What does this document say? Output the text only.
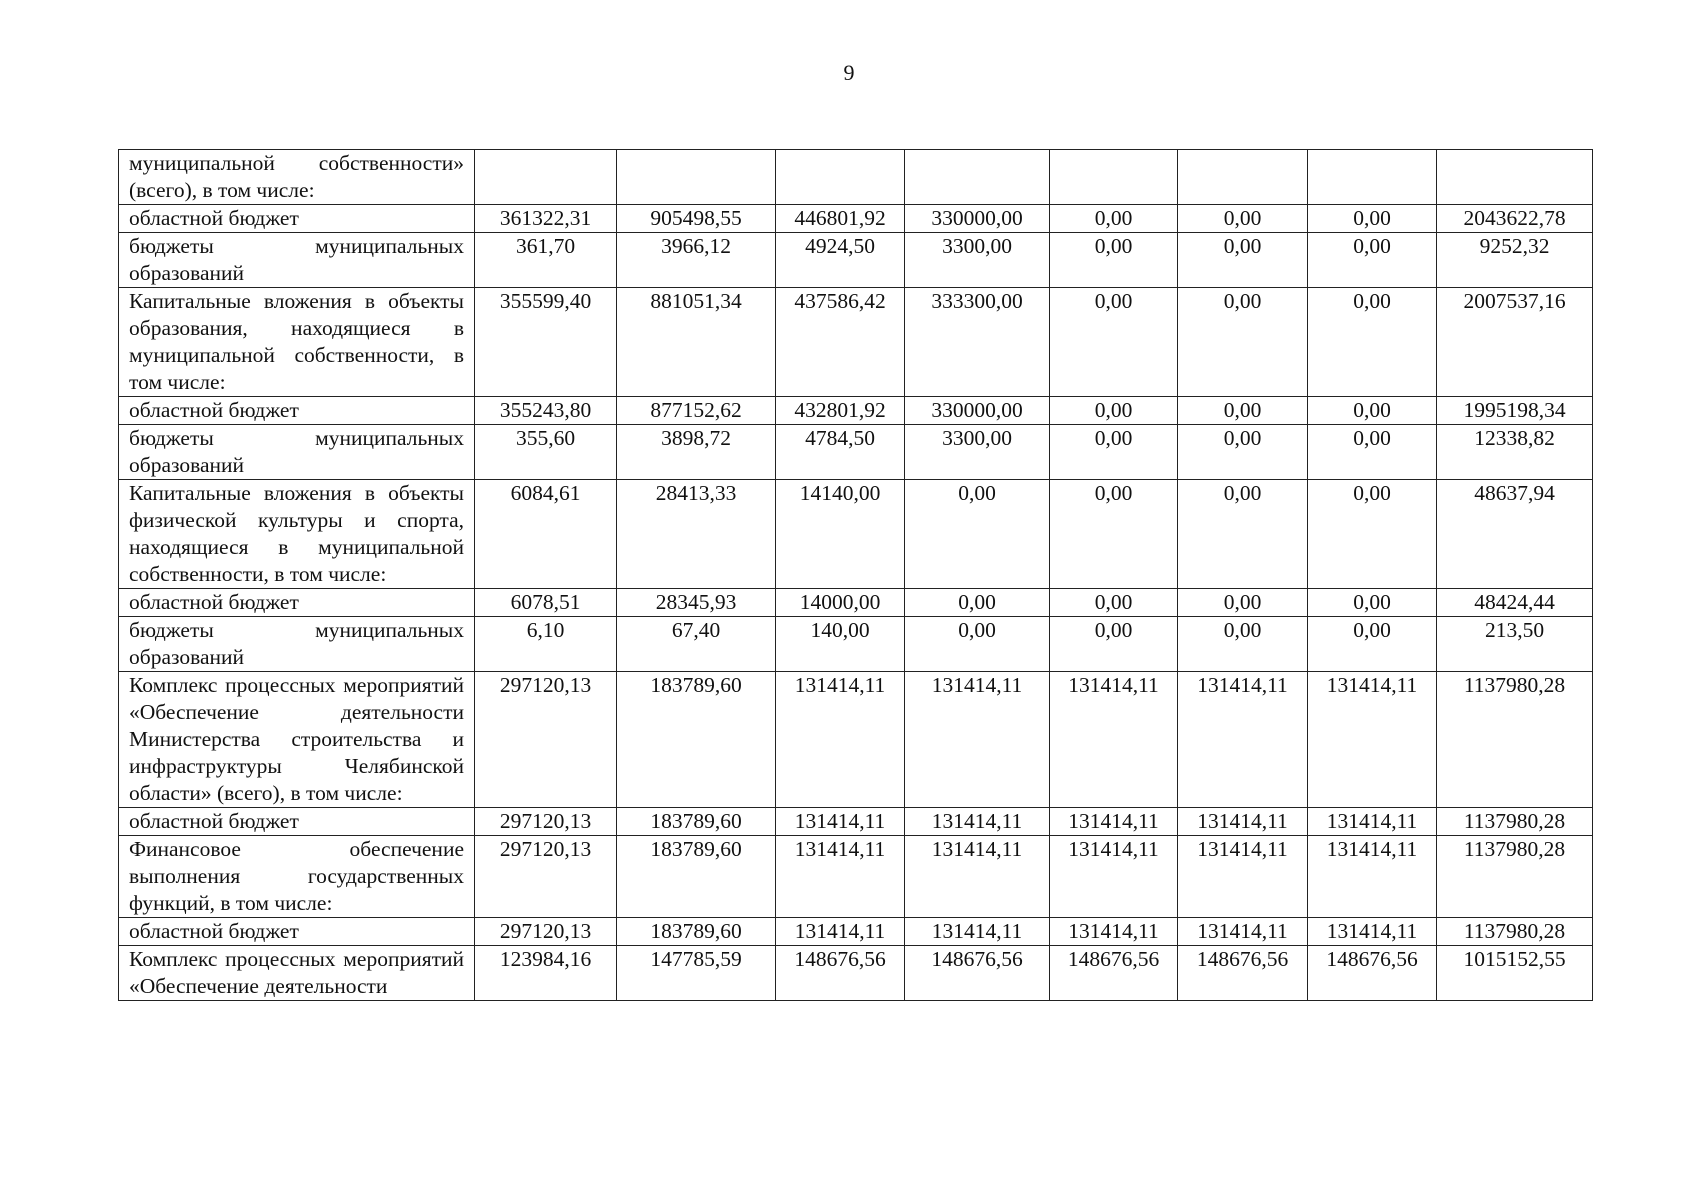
9
муниципальной собственности» (всего), в том числе:								
областной бюджет	361322,31	905498,55	446801,92	330000,00	0,00	0,00	0,00	2043622,78
бюджеты муниципальных образований	361,70	3966,12	4924,50	3300,00	0,00	0,00	0,00	9252,32
Капитальные вложения в объекты образования, находящиеся в муниципальной собственности, в том числе:	355599,40	881051,34	437586,42	333300,00	0,00	0,00	0,00	2007537,16
областной бюджет	355243,80	877152,62	432801,92	330000,00	0,00	0,00	0,00	1995198,34
бюджеты муниципальных образований	355,60	3898,72	4784,50	3300,00	0,00	0,00	0,00	12338,82
Капитальные вложения в объекты физической культуры и спорта, находящиеся в муниципальной собственности, в том числе:	6084,61	28413,33	14140,00	0,00	0,00	0,00	0,00	48637,94
областной бюджет	6078,51	28345,93	14000,00	0,00	0,00	0,00	0,00	48424,44
бюджеты муниципальных образований	6,10	67,40	140,00	0,00	0,00	0,00	0,00	213,50
Комплекс процессных мероприятий «Обеспечение деятельности Министерства строительства и инфраструктуры Челябинской области» (всего), в том числе:	297120,13	183789,60	131414,11	131414,11	131414,11	131414,11	131414,11	1137980,28
областной бюджет	297120,13	183789,60	131414,11	131414,11	131414,11	131414,11	131414,11	1137980,28
Финансовое обеспечение выполнения государственных функций, в том числе:	297120,13	183789,60	131414,11	131414,11	131414,11	131414,11	131414,11	1137980,28
областной бюджет	297120,13	183789,60	131414,11	131414,11	131414,11	131414,11	131414,11	1137980,28
Комплекс процессных мероприятий «Обеспечение деятельности	123984,16	147785,59	148676,56	148676,56	148676,56	148676,56	148676,56	1015152,55
